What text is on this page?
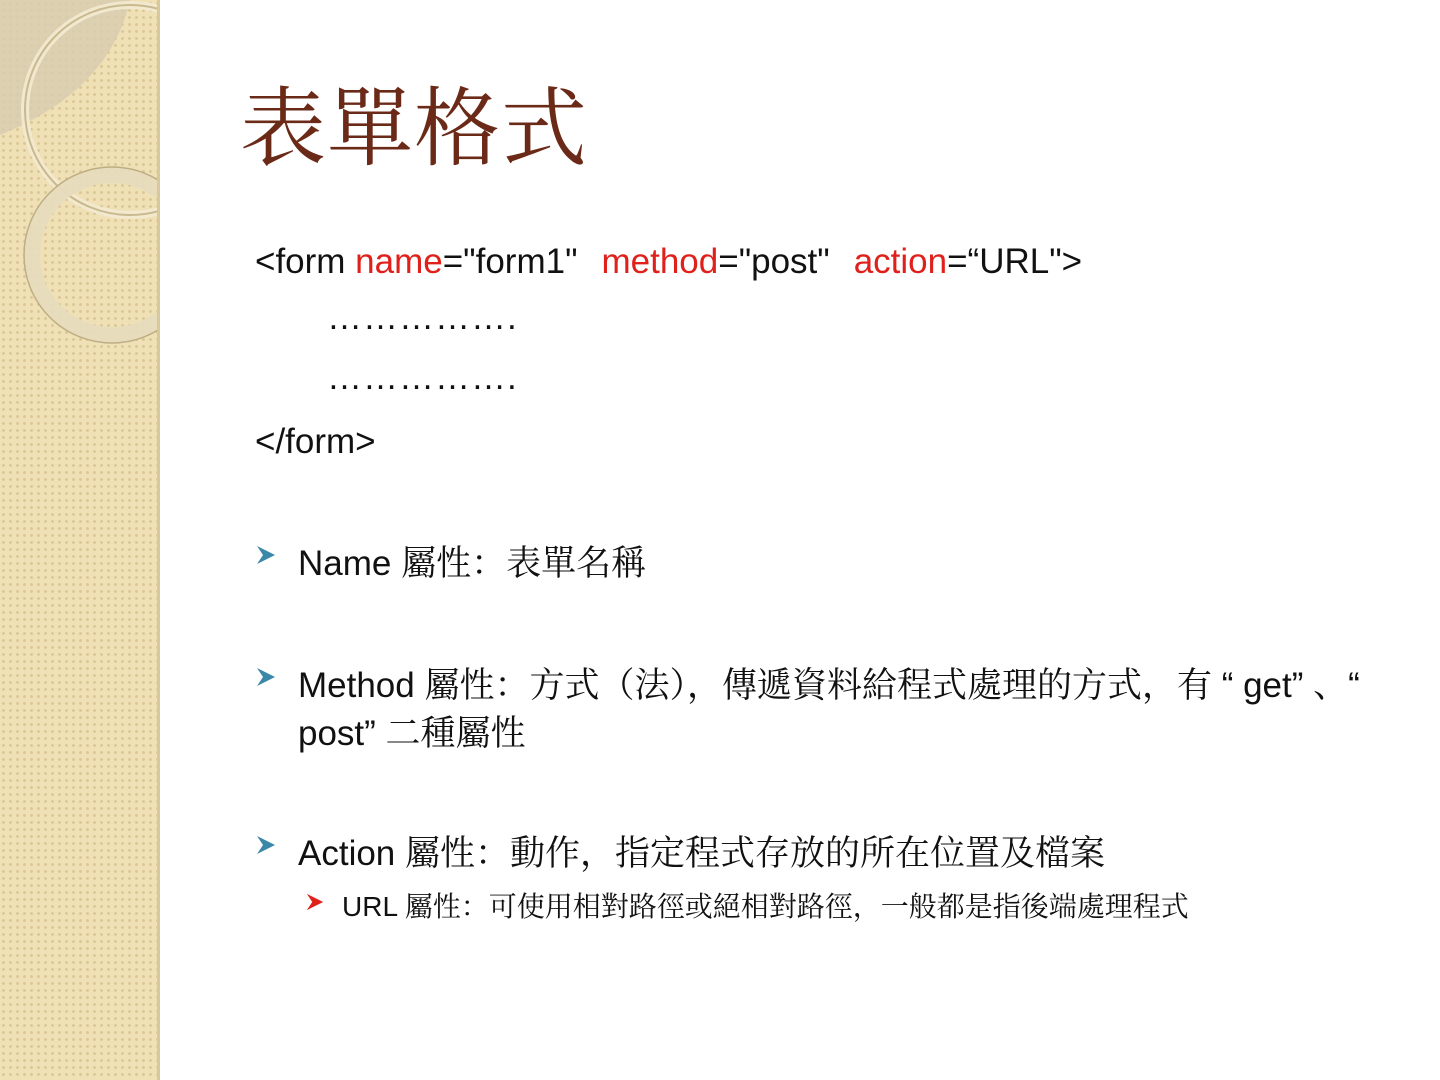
表單格式
<form name="form1" method="post" action=“URL">
…………….
…………….
</form>
Name 屬性：表單名稱
Method 屬性：方式（法），傳遞資料給程式處理的方式，有 “ get” 、“ post” 二種屬性
Action 屬性：動作，指定程式存放的所在位置及檔案
URL 屬性：可使用相對路徑或絕相對路徑，一般都是指後端處理程式
